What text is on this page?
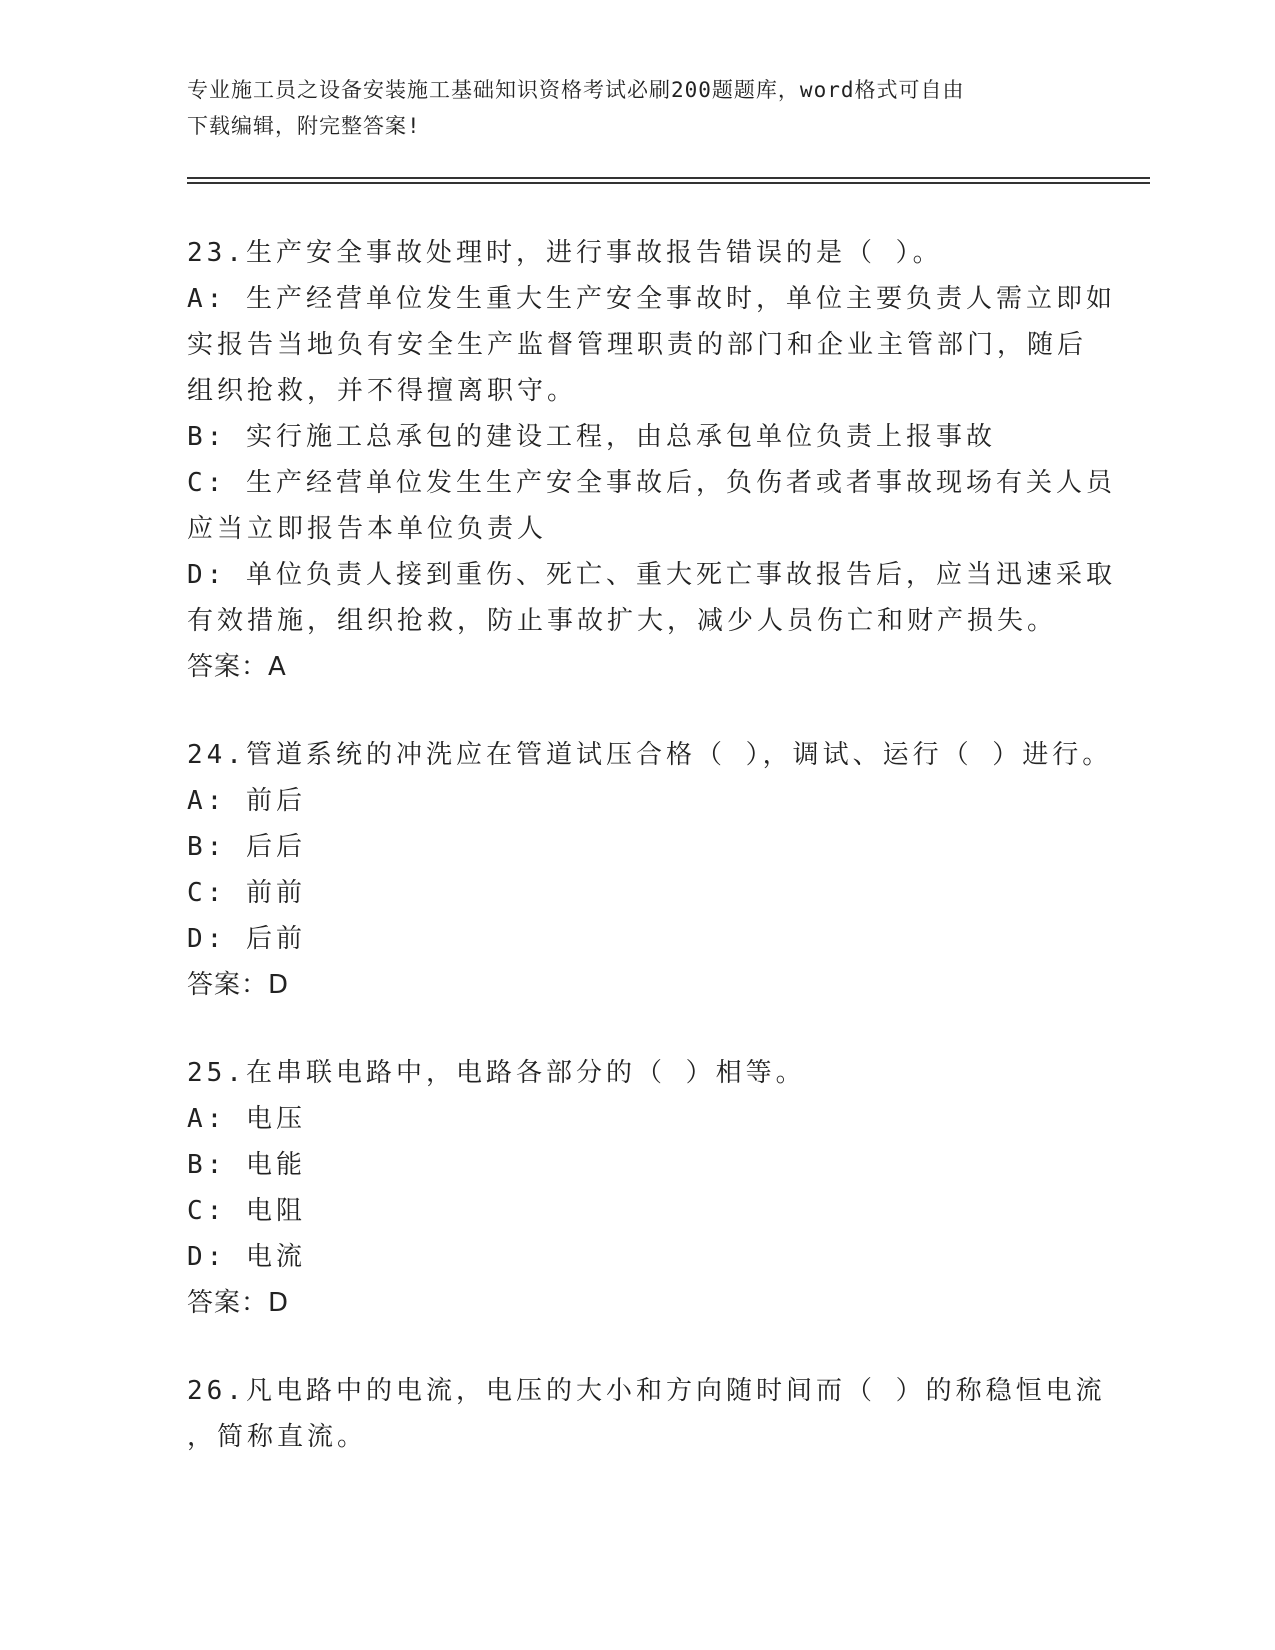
专业施工员之设备安装施工基础知识资格考试必刷200题题库，word格式可自由
下载编辑，附完整答案!
23.生产安全事故处理时，进行事故报告错误的是（ ）。
A: 生产经营单位发生重大生产安全事故时，单位主要负责人需立即如
实报告当地负有安全生产监督管理职责的部门和企业主管部门，随后
组织抢救，并不得擅离职守。
B: 实行施工总承包的建设工程，由总承包单位负责上报事故
C: 生产经营单位发生生产安全事故后，负伤者或者事故现场有关人员
应当立即报告本单位负责人
D: 单位负责人接到重伤、死亡、重大死亡事故报告后，应当迅速采取
有效措施，组织抢救，防止事故扩大，减少人员伤亡和财产损失。
答案：A
24.管道系统的冲洗应在管道试压合格（ ），调试、运行（ ）进行。
A: 前后
B: 后后
C: 前前
D: 后前
答案：D
25.在串联电路中，电路各部分的（ ）相等。
A: 电压
B: 电能
C: 电阻
D: 电流
答案：D
26.凡电路中的电流，电压的大小和方向随时间而（ ）的称稳恒电流
，简称直流。
